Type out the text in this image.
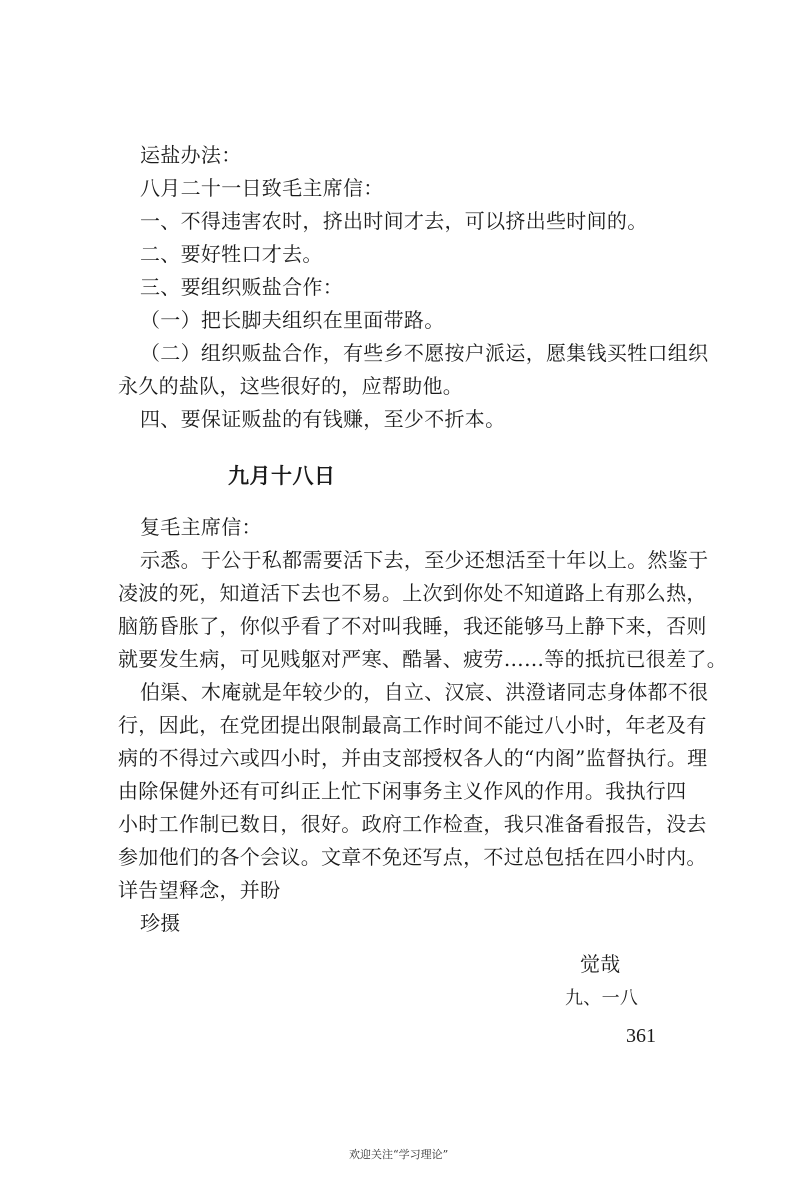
运盐办法：
八月二十一日致毛主席信：
一、不得违害农时，挤出时间才去，可以挤出些时间的。
二、要好牲口才去。
三、要组织贩盐合作：
（一）把长脚夫组织在里面带路。
（二）组织贩盐合作，有些乡不愿按户派运，愿集钱买牲口组织
永久的盐队，这些很好的，应帮助他。
四、要保证贩盐的有钱赚，至少不折本。
九月十八日
复毛主席信：
示悉。于公于私都需要活下去，至少还想活至十年以上。然鉴于
凌波的死，知道活下去也不易。上次到你处不知道路上有那么热，
脑筋昏胀了，你似乎看了不对叫我睡，我还能够马上静下来，否则
就要发生病，可见贱躯对严寒、酷暑、疲劳……等的抵抗已很差了。
伯渠、木庵就是年较少的，自立、汉宸、洪澄诸同志身体都不很
行，因此，在党团提出限制最高工作时间不能过八小时，年老及有
病的不得过六或四小时，并由支部授权各人的“内阁”监督执行。理
由除保健外还有可纠正上忙下闲事务主义作风的作用。我执行四
小时工作制已数日，很好。政府工作检查，我只准备看报告，没去
参加他们的各个会议。文章不免还写点，不过总包括在四小时内。
详告望释念，并盼
珍摄
觉哉
九、一八
361
欢迎关注“学习理论”
